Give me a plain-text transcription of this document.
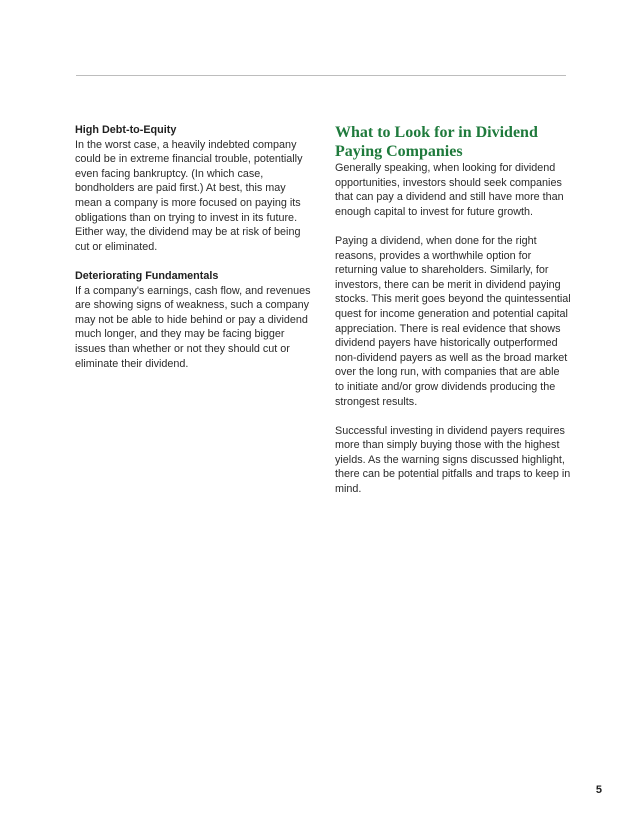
High Debt-to-Equity

In the worst case, a heavily indebted company
could be in extreme financial trouble, potentially
even facing bankruptcy. (In which case,
bondholders are paid first.) At best, this may
mean a company is more focused on paying its
obligations than on trying to invest in its future.
Either way, the dividend may be at risk of being
cut or eliminated.

Deteriorating Fundamentals

If a company's earnings, cash flow, and revenues
are showing signs of weakness, such a company
may not be able to hide behind or pay a dividend
much longer, and they may be facing bigger
issues than whether or not they should cut or
eliminate their dividend.

What to Look for in Dividend
Paying Companies

Generally speaking, when looking for dividend
opportunities, investors should seek companies
that can pay a dividend and still have more than
enough capital to invest for future growth.

Paying a dividend, when done for the right
reasons, provides a worthwhile option for
returning value to shareholders. Similarly, for
investors, there can be merit in dividend paying
stocks. This merit goes beyond the quintessential
quest for income generation and potential capital
appreciation. There is real evidence that shows
dividend payers have historically outperformed
non-dividend payers as well as the broad market
over the long run, with companies that are able
to initiate and/or grow dividends producing the
strongest results.

Successful investing in dividend payers requires
more than simply buying those with the highest
yields. As the warning signs discussed highlight,
there can be potential pitfalls and traps to keep in
mind.

5
